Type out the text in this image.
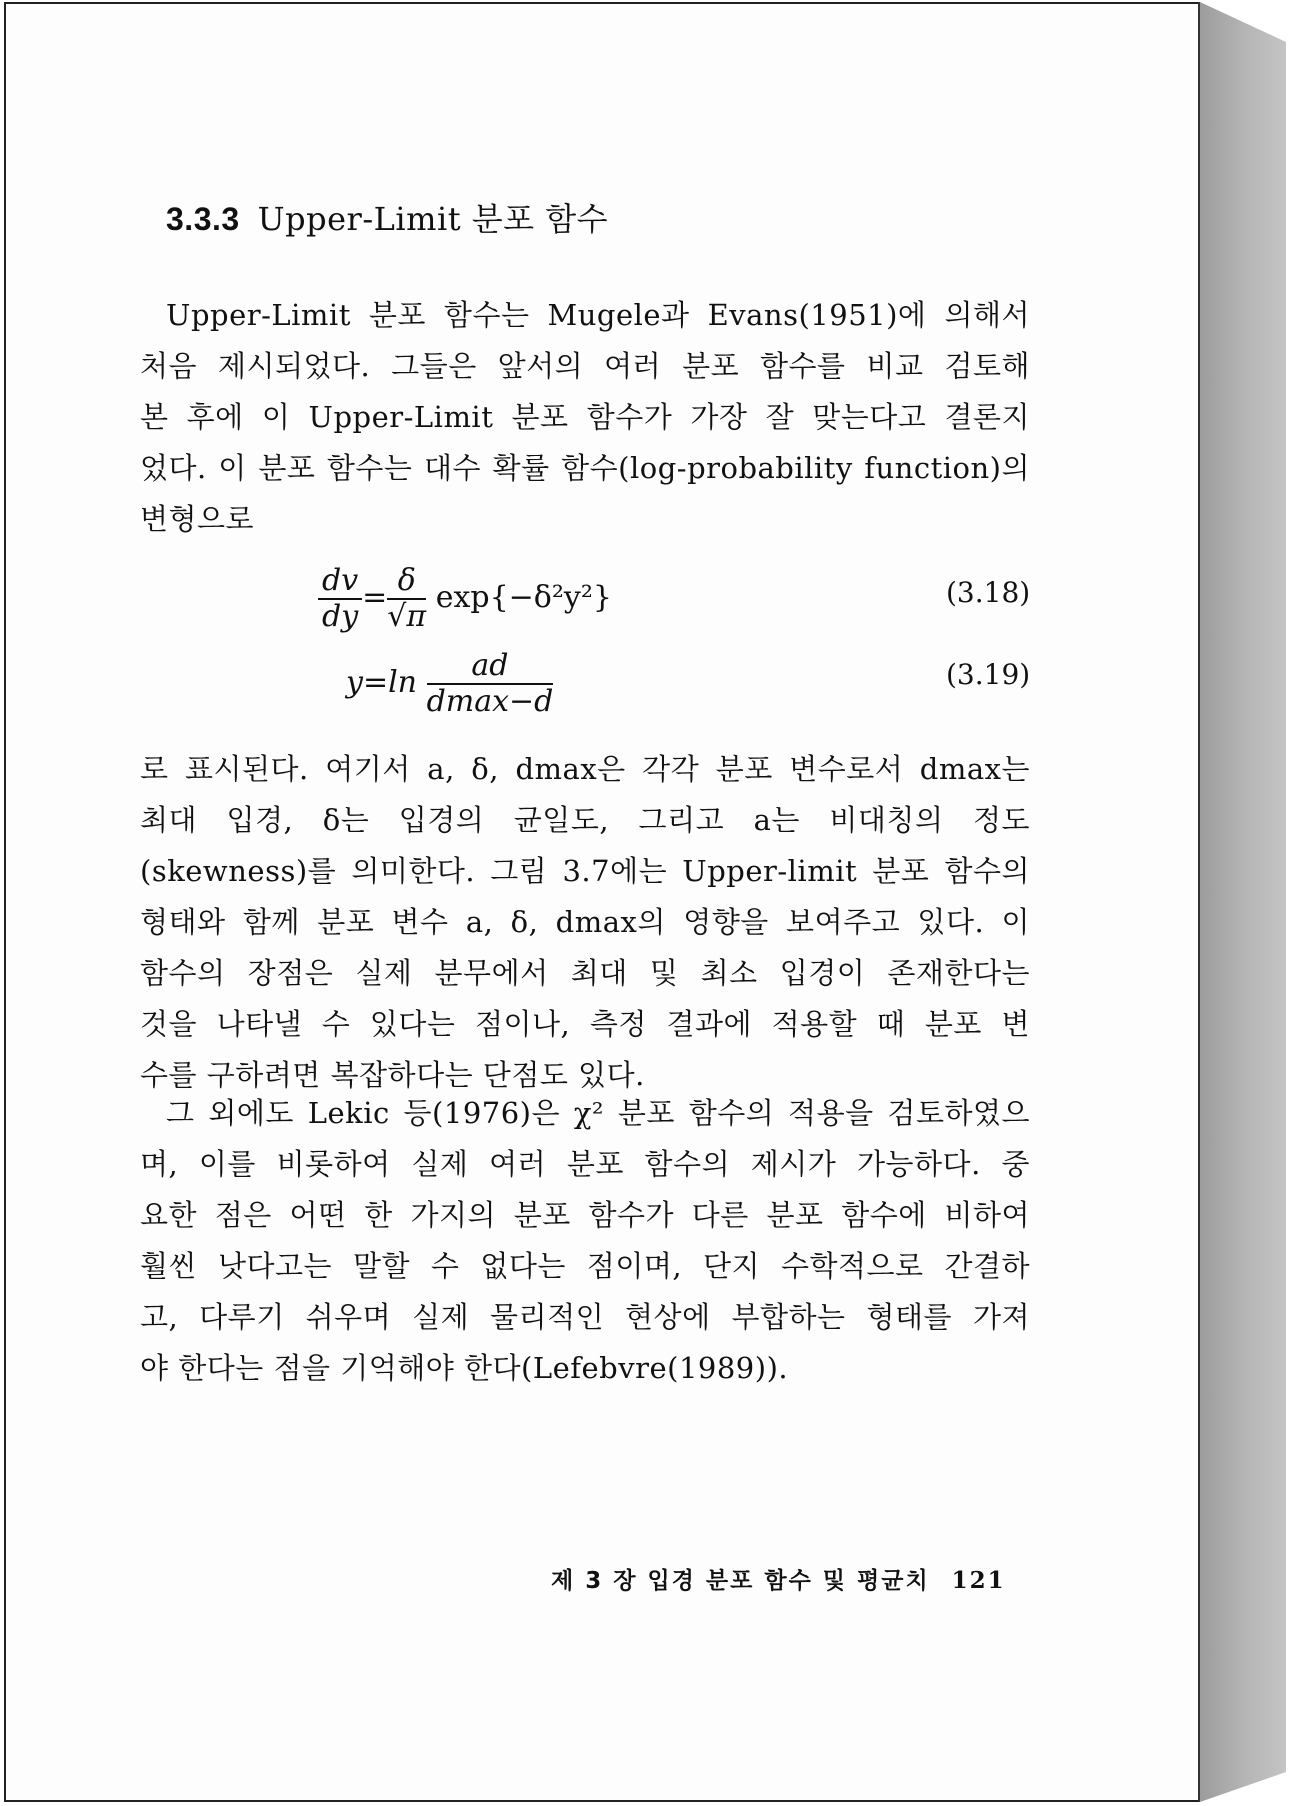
3.3.3 Upper-Limit 분포 함수
Upper-Limit 분포 함수는 Mugele과 Evans(1951)에 의해서
처음 제시되었다. 그들은 앞서의 여러 분포 함수를 비교 검토해
본 후에 이 Upper-Limit 분포 함수가 가장 잘 맞는다고 결론지
었다. 이 분포 함수는 대수 확률 함수(log-probability function)의
변형으로
로 표시된다. 여기서 a, δ, dmax은 각각 분포 변수로서 dmax는
최대 입경, δ는 입경의 균일도, 그리고 a는 비대칭의 정도
(skewness)를 의미한다. 그림 3.7에는 Upper-limit 분포 함수의
형태와 함께 분포 변수 a, δ, dmax의 영향을 보여주고 있다. 이
함수의 장점은 실제 분무에서 최대 및 최소 입경이 존재한다는
것을 나타낼 수 있다는 점이나, 측정 결과에 적용할 때 분포 변
수를 구하려면 복잡하다는 단점도 있다.
그 외에도 Lekic 등(1976)은 χ² 분포 함수의 적용을 검토하였으
며, 이를 비롯하여 실제 여러 분포 함수의 제시가 가능하다. 중
요한 점은 어떤 한 가지의 분포 함수가 다른 분포 함수에 비하여
훨씬 낫다고는 말할 수 없다는 점이며, 단지 수학적으로 간결하
고, 다루기 쉬우며 실제 물리적인 현상에 부합하는 형태를 가져
야 한다는 점을 기억해야 한다(Lefebvre(1989)).
$\frac{dv}{dy} = \frac{\delta}{√\pi} \exp\{-\delta^2y^2\}$	(3.18)
$y=\ln \frac{ad}{dmax-d}$	(3.19)
제 3 장 입경 분포 함수 및 평균치 121
